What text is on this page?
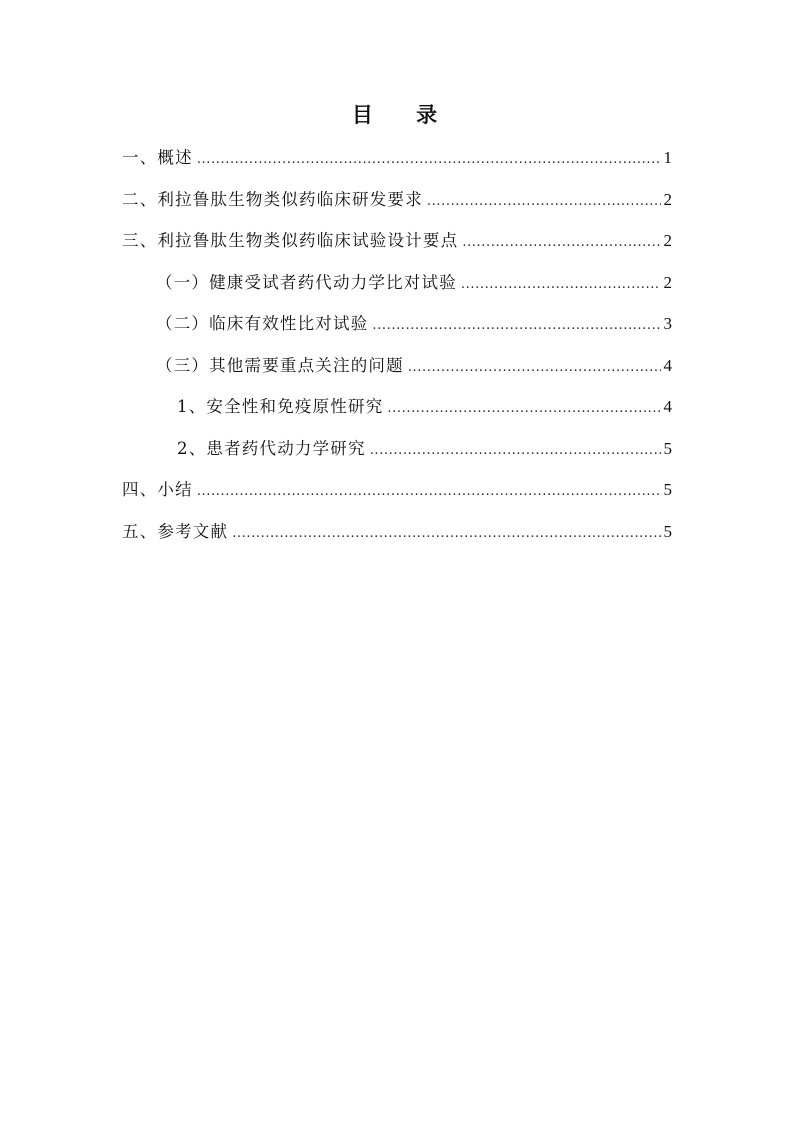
目 录
一、概述 .....	1
二、利拉鲁肽生物类似药临床研发要求 .....	2
三、利拉鲁肽生物类似药临床试验设计要点 .....	2
（一）健康受试者药代动力学比对试验 .....	2
（二）临床有效性比对试验 .....	3
（三）其他需要重点关注的问题 .....	4
1、安全性和免疫原性研究 .....	4
2、患者药代动力学研究 .....	5
四、小结 .....	5
五、参考文献 .....	5
